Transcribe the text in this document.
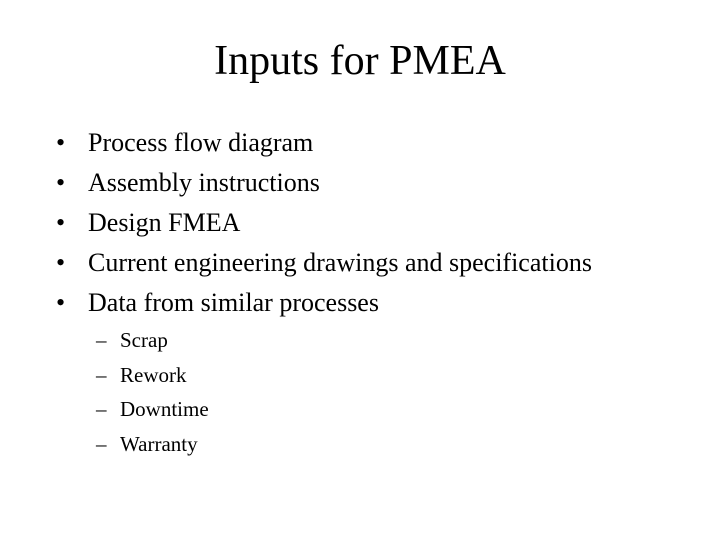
Inputs for PMEA
• Process flow diagram
• Assembly instructions
• Design FMEA
• Current engineering drawings and specifications
• Data from similar processes
– Scrap
– Rework
– Downtime
– Warranty
